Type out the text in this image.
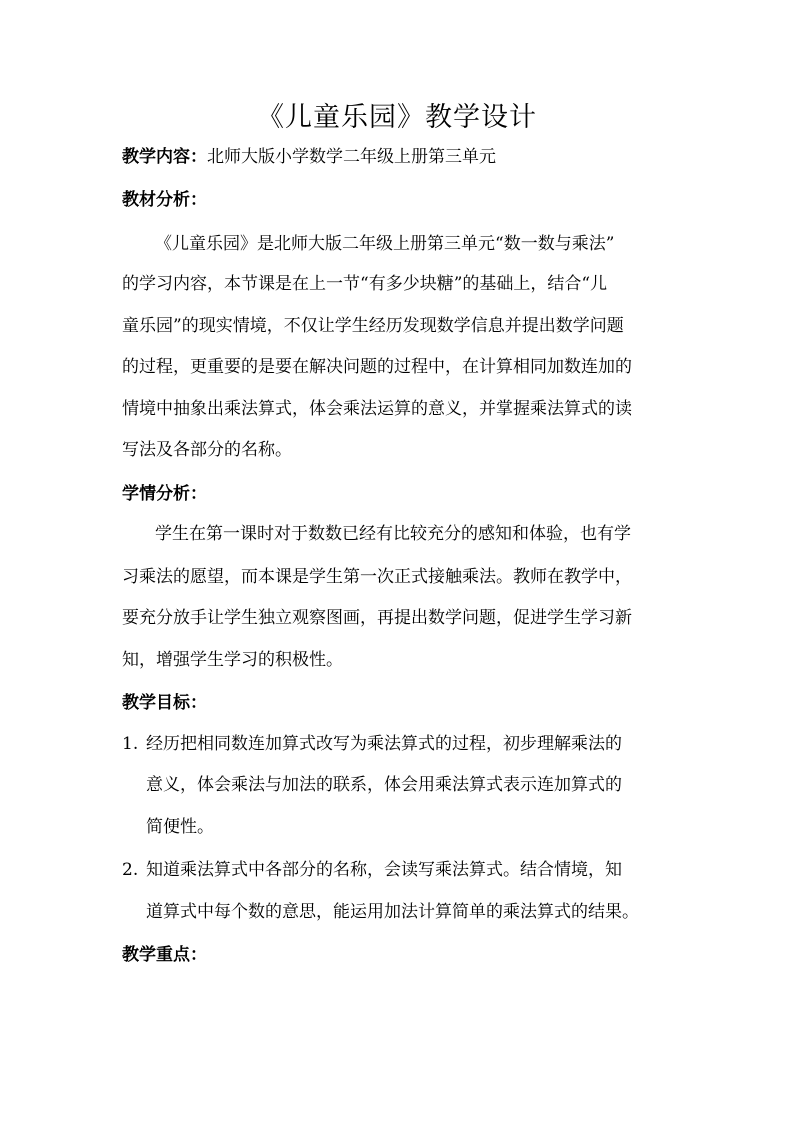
《儿童乐园》教学设计
教学内容：北师大版小学数学二年级上册第三单元
教材分析：
《儿童乐园》是北师大版二年级上册第三单元“数一数与乘法”
的学习内容，本节课是在上一节“有多少块糖”的基础上，结合“儿
童乐园”的现实情境，不仅让学生经历发现数学信息并提出数学问题
的过程，更重要的是要在解决问题的过程中，在计算相同加数连加的
情境中抽象出乘法算式，体会乘法运算的意义，并掌握乘法算式的读
写法及各部分的名称。
学情分析：
学生在第一课时对于数数已经有比较充分的感知和体验，也有学
习乘法的愿望，而本课是学生第一次正式接触乘法。教师在教学中，
要充分放手让学生独立观察图画，再提出数学问题，促进学生学习新
知，增强学生学习的积极性。
教学目标：
1. 经历把相同数连加算式改写为乘法算式的过程，初步理解乘法的
意义，体会乘法与加法的联系，体会用乘法算式表示连加算式的
简便性。
2. 知道乘法算式中各部分的名称，会读写乘法算式。结合情境，知
道算式中每个数的意思，能运用加法计算简单的乘法算式的结果。
教学重点：
